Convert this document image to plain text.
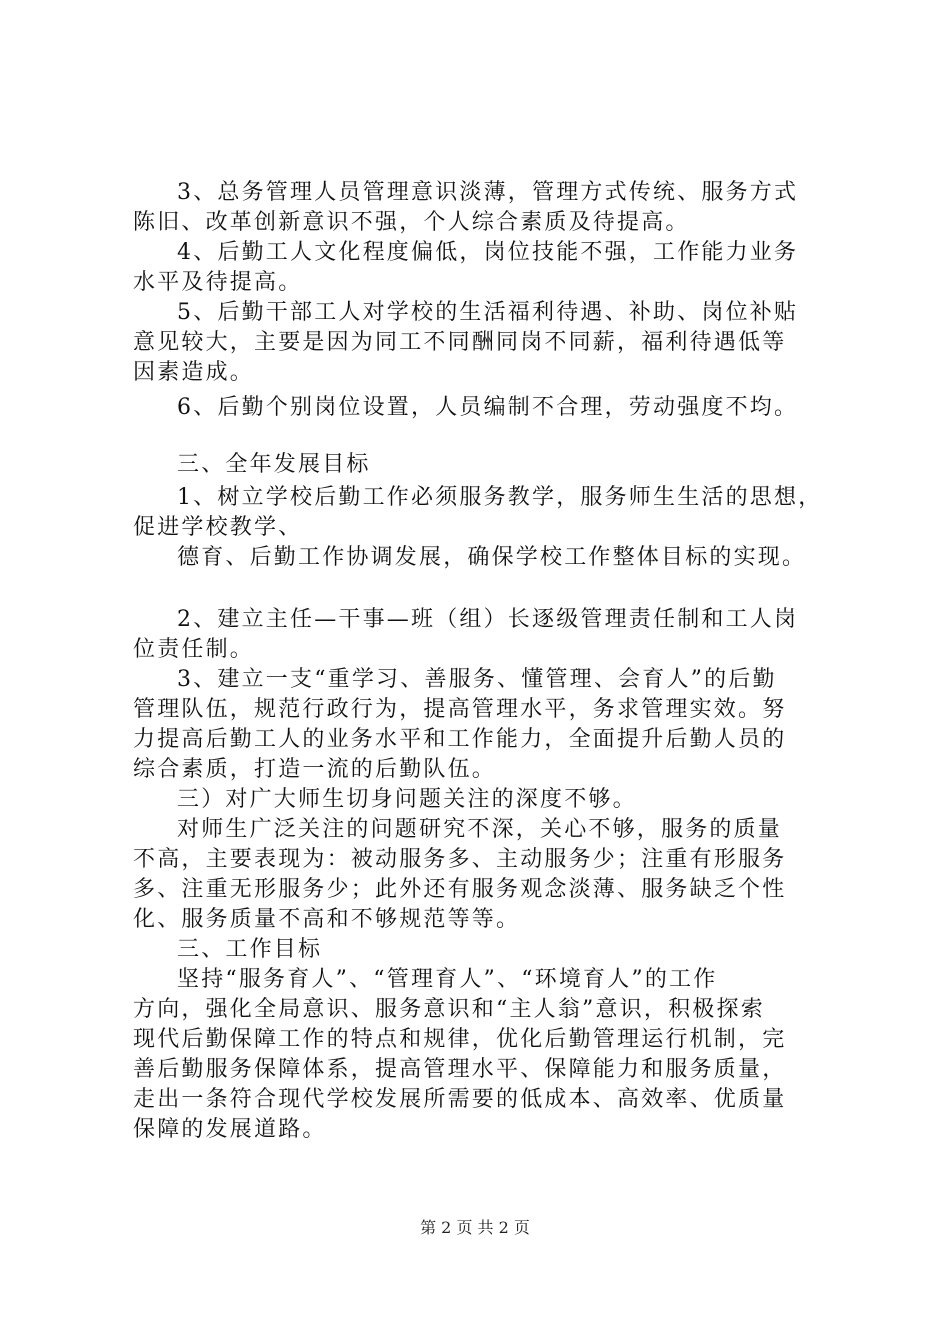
3、总务管理人员管理意识淡薄，管理方式传统、服务方式
陈旧、改革创新意识不强，个人综合素质及待提高。
4、后勤工人文化程度偏低，岗位技能不强，工作能力业务
水平及待提高。
5、后勤干部工人对学校的生活福利待遇、补助、岗位补贴
意见较大，主要是因为同工不同酬同岗不同薪，福利待遇低等
因素造成。
6、后勤个别岗位设置，人员编制不合理，劳动强度不均。
三、全年发展目标
1、树立学校后勤工作必须服务教学，服务师生生活的思想，
促进学校教学、
德育、后勤工作协调发展，确保学校工作整体目标的实现。
2、建立主任—干事—班（组）长逐级管理责任制和工人岗
位责任制。
3、建立一支“重学习、善服务、懂管理、会育人”的后勤
管理队伍，规范行政行为，提高管理水平，务求管理实效。努
力提高后勤工人的业务水平和工作能力，全面提升后勤人员的
综合素质，打造一流的后勤队伍。
三）对广大师生切身问题关注的深度不够。
对师生广泛关注的问题研究不深，关心不够，服务的质量
不高，主要表现为：被动服务多、主动服务少；注重有形服务
多、注重无形服务少；此外还有服务观念淡薄、服务缺乏个性
化、服务质量不高和不够规范等等。
三、工作目标
坚持“服务育人”、“管理育人”、“环境育人”的工作
方向，强化全局意识、服务意识和“主人翁”意识，积极探索
现代后勤保障工作的特点和规律，优化后勤管理运行机制，完
善后勤服务保障体系，提高管理水平、保障能力和服务质量，
走出一条符合现代学校发展所需要的低成本、高效率、优质量
保障的发展道路。
第 2 页 共 2 页
